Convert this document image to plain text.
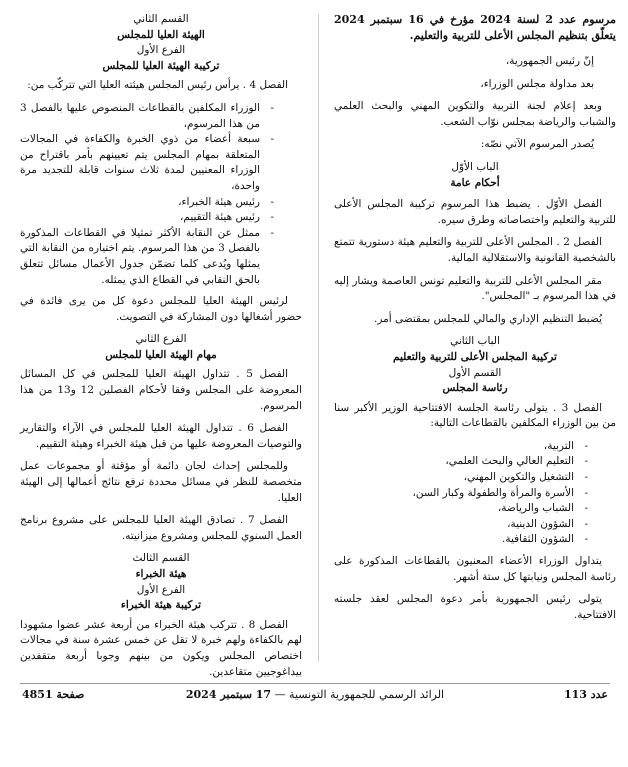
مرسوم عدد 2 لسنة 2024 مؤرخ في 16 سبتمبر 2024 يتعلّق بتنظيم المجلس الأعلى للتربية والتعليم.
إنّ رئيس الجمهورية،
بعد مداولة مجلس الوزراء،
وبعد إعلام لجنة التربية والتكوين المهني والبحث العلمي والشباب والرياضة بمجلس نوّاب الشعب.
يُصدر المرسوم الآتي نصّه:
الباب الأوّل
أحكام عامة
الفصل الأوّل . يضبط هذا المرسوم تركيبة المجلس الأعلى للتربية والتعليم واختصاصاته وطرق سيره.
الفصل 2 . المجلس الأعلى للتربية والتعليم هيئة دستورية تتمتع بالشخصية القانونية والاستقلالية المالية.
مقر المجلس الأعلى للتربية والتعليم تونس العاصمة ويشار إليه في هذا المرسوم بـ "المجلس".
يُضبط التنظيم الإداري والمالي للمجلس بمقتضى أمر.
الباب الثاني
تركيبة المجلس الأعلى للتربية والتعليم
القسم الأول
رئاسة المجلس
الفصل 3 . يتولى رئاسة الجلسة الافتتاحية الوزير الأكبر سنا من بين الوزراء المكلفين بالقطاعات التالية:
- التربية،
- التعليم العالي والبحث العلمي،
- التشغيل والتكوين المهني،
- الأسرة والمرأة والطفولة وكبار السن،
- الشباب والرياضة،
- الشؤون الدينية،
- الشؤون الثقافية.
يتداول الوزراء الأعضاء المعنيون بالقطاعات المذكورة على رئاسة المجلس ونيابتها كل ستة أشهر.
يتولى رئيس الجمهورية بأمر دعوة المجلس لعقد جلسته الافتتاحية.
القسم الثاني
الهيئة العليا للمجلس
الفرع الأول
تركيبة الهيئة العليا للمجلس
الفصل 4 . يرأس رئيس المجلس هيئته العليا التي تتركّب من:
- الوزراء المكلفين بالقطاعات المنصوص عليها بالفصل 3 من هذا المرسوم،
- سبعة أعضاء من ذوي الخبرة والكفاءة في المجالات المتعلقة بمهام المجلس يتم تعيينهم بأمر باقتراح من الوزراء المعنيين لمدة ثلاث سنوات قابلة للتجديد مرة واحدة،
- رئيس هيئة الخبراء،
- رئيس هيئة التقييم،
- ممثل عن النقابة الأكثر تمثيلا في القطاعات المذكورة بالفصل 3 من هذا المرسوم. يتم اختياره من النقابة التي يمثلها ويُدعى كلما تضمّن جدول الأعمال مسائل تتعلق بالحق النقابي في القطاع الذي يمثله.
لرئيس الهيئة العليا للمجلس دعوة كل من يرى فائدة في حضور أشغالها دون المشاركة في التصويت.
الفرع الثاني
مهام الهيئة العليا للمجلس
الفصل 5 . تتداول الهيئة العليا للمجلس في كل المسائل المعروضة على المجلس وفقا لأحكام الفصلين 12 و13 من هذا المرسوم.
الفصل 6 . تتداول الهيئة العليا للمجلس في الآراء والتقارير والتوصيات المعروضة عليها من قبل هيئة الخبراء وهيئة التقييم.
وللمجلس إحداث لجان دائمة أو مؤقتة أو مجموعات عمل متخصصة للنظر في مسائل محددة ترفع نتائج أعمالها إلى الهيئة العليا.
الفصل 7 . تصادق الهيئة العليا للمجلس على مشروع برنامج العمل السنوي للمجلس ومشروع ميزانيته.
القسم الثالث
هيئة الخبراء
الفرع الأول
تركيبة هيئة الخبراء
الفصل 8 . تتركب هيئة الخبراء من أربعة عشر عضوا مشهودا لهم بالكفاءة ولهم خبرة لا تقل عن خمس عشرة سنة في مجالات اختصاص المجلس ويكون من بينهم وجوبا أربعة متقفدين بيداغوجيين متقاعدين.
عدد 113
الرائد الرسمي للجمهورية التونسية — 17 سبتمبر 2024
صفحة 4851
